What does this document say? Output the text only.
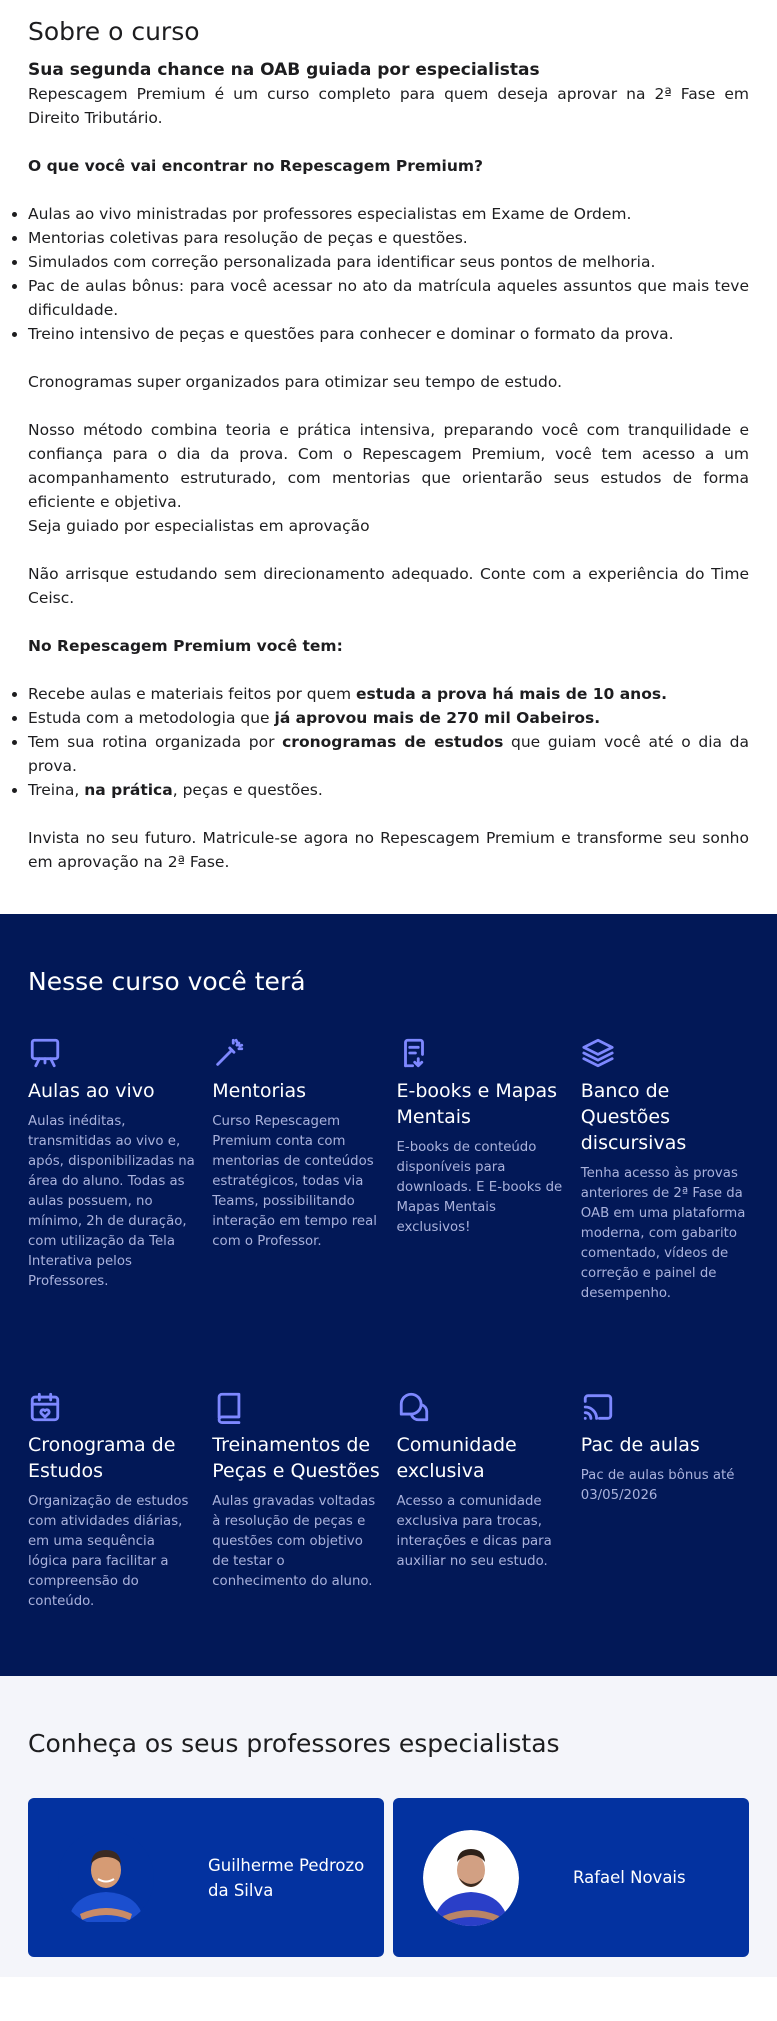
Sobre o curso
Sua segunda chance na OAB guiada por especialistas

Repescagem Premium é um curso completo para quem deseja aprovar na 2ª Fase em Direito Tributário.

O que você vai encontrar no Repescagem Premium?
Aulas ao vivo ministradas por professores especialistas em Exame de Ordem.
Mentorias coletivas para resolução de peças e questões.
Simulados com correção personalizada para identificar seus pontos de melhoria.
Pac de aulas bônus: para você acessar no ato da matrícula aqueles assuntos que mais teve dificuldade.
Treino intensivo de peças e questões para conhecer e dominar o formato da prova.

Cronogramas super organizados para otimizar seu tempo de estudo.

Nosso método combina teoria e prática intensiva, preparando você com tranquilidade e confiança para o dia da prova. Com o Repescagem Premium, você tem acesso a um acompanhamento estruturado, com mentorias que orientarão seus estudos de forma eficiente e objetiva.

Seja guiado por especialistas em aprovação

Não arrisque estudando sem direcionamento adequado. Conte com a experiência do Time Ceisc.

No Repescagem Premium você tem:
Recebe aulas e materiais feitos por quem estuda a prova há mais de 10 anos.
Estuda com a metodologia que já aprovou mais de 270 mil Oabeiros.
Tem sua rotina organizada por cronogramas de estudos que guiam você até o dia da prova.
Treina, na prática, peças e questões.

Invista no seu futuro. Matricule-se agora no Repescagem Premium e transforme seu sonho em aprovação na 2ª Fase.

Nesse curso você terá
Aulas ao vivo

Aulas inéditas, transmitidas ao vivo e, após, disponibilizadas na área do aluno. Todas as aulas possuem, no mínimo, 2h de duração, com utilização da Tela Interativa pelos Professores.

Mentorias

Curso Repescagem Premium conta com mentorias de conteúdos estratégicos, todas via Teams, possibilitando interação em tempo real com o Professor.

E-books e Mapas Mentais

E-books de conteúdo disponíveis para downloads. E E-books de Mapas Mentais exclusivos!

Banco de Questões discursivas

Tenha acesso às provas anteriores de 2ª Fase da OAB em uma plataforma moderna, com gabarito comentado, vídeos de correção e painel de desempenho.

Cronograma de Estudos

Organização de estudos com atividades diárias, em uma sequência lógica para facilitar a compreensão do conteúdo.

Treinamentos de Peças e Questões

Aulas gravadas voltadas à resolução de peças e questões com objetivo de testar o conhecimento do aluno.

Comunidade exclusiva

Acesso a comunidade exclusiva para trocas, interações e dicas para auxiliar no seu estudo.

Pac de aulas

Pac de aulas bônus até 03/05/2026

Conheça os seus professores especialistas
Guilherme Pedrozo da Silva
Rafael Novais
